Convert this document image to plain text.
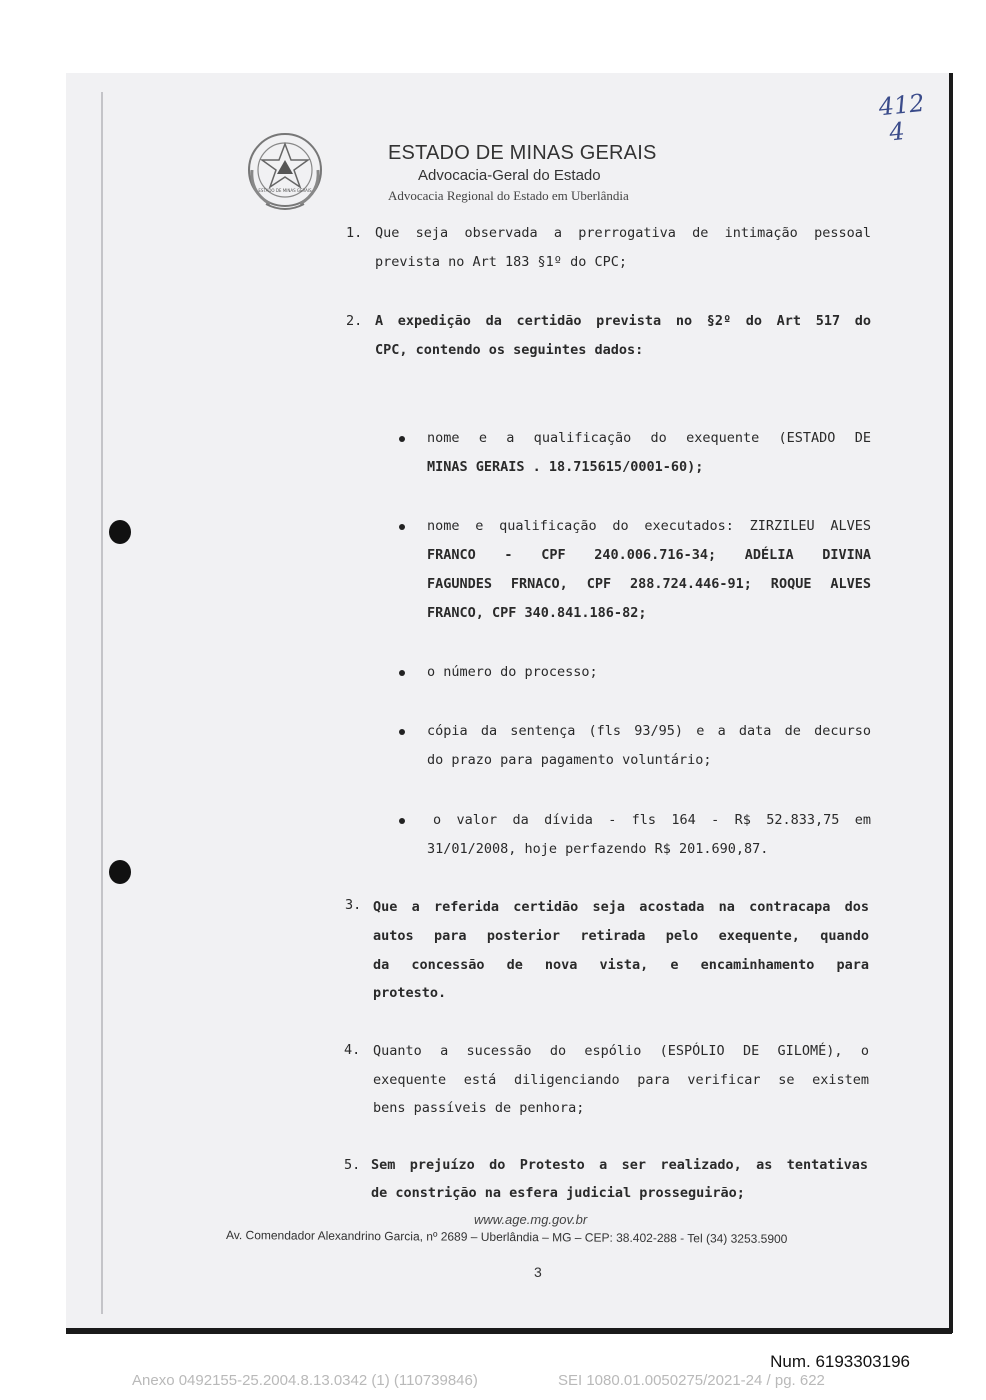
ESTADO DE MINAS GERAIS
ESTADO DE MINAS GERAIS
Advocacia-Geral do Estado
Advocacia Regional do Estado em Uberlândia
412
4
1. Que seja observada a prerrogativa de intimação pessoal
prevista no Art 183 §1º do CPC;
2. A expedição da certidão prevista no §2º do Art 517 do
CPC, contendo os seguintes dados:
nome e a qualificação do exequente (ESTADO DE
MINAS GERAIS . 18.715615/0001-60);
nome e qualificação do executados: ZIRZILEU ALVES
FRANCO - CPF 240.006.716-34; ADÉLIA DIVINA
FAGUNDES FRNACO, CPF 288.724.446-91; ROQUE ALVES
FRANCO, CPF 340.841.186-82;
o número do processo;
cópia da sentença (fls 93/95) e a data de decurso
do prazo para pagamento voluntário;
o valor da dívida - fls 164 - R$ 52.833,75 em
31/01/2008, hoje perfazendo R$ 201.690,87.
3. Que a referida certidão seja acostada na contracapa dos
autos para posterior retirada pelo exequente, quando
da concessão de nova vista, e encaminhamento para
protesto.
4. Quanto a sucessão do espólio (ESPÓLIO DE GILOMÉ), o
exequente está diligenciando para verificar se existem
bens passíveis de penhora;
5. Sem prejuízo do Protesto a ser realizado, as tentativas
de constrição na esfera judicial prosseguirão;
www.age.mg.gov.br
Av. Comendador Alexandrino Garcia, nº 2689 – Uberlândia – MG – CEP: 38.402-288 - Tel (34) 3253.5900
3
Num. 6193303196
Anexo 0492155-25.2004.8.13.0342 (1) (110739846)	SEI 1080.01.0050275/2021-24 / pg. 622
